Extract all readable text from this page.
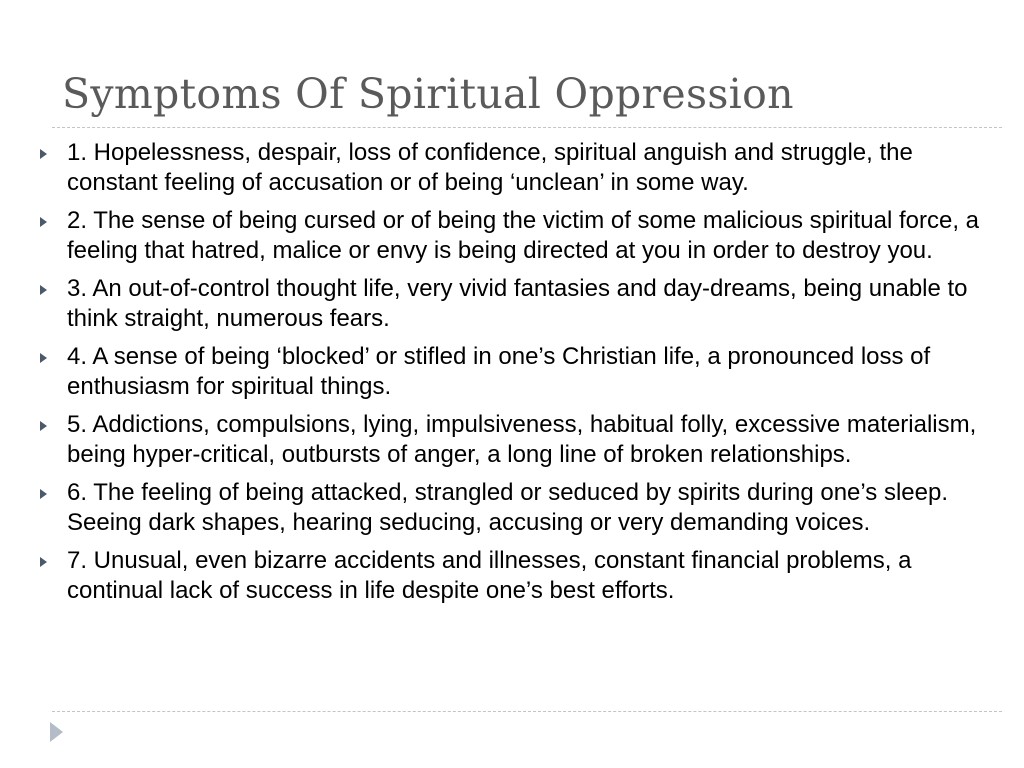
Symptoms Of Spiritual Oppression
1. Hopelessness, despair, loss of confidence, spiritual anguish and struggle, the constant feeling of accusation or of being ‘unclean’ in some way.
2. The sense of being cursed or of being the victim of some malicious spiritual force, a feeling that hatred, malice or envy is being directed at you in order to destroy you.
3. An out-of-control thought life, very vivid fantasies and day-dreams, being unable to think straight, numerous fears.
4. A sense of being ‘blocked’ or stifled in one’s Christian life, a pronounced loss of enthusiasm for spiritual things.
5. Addictions, compulsions, lying, impulsiveness, habitual folly, excessive materialism, being hyper-critical, outbursts of anger, a long line of broken relationships.
6. The feeling of being attacked, strangled or seduced by spirits during one’s sleep. Seeing dark shapes, hearing seducing, accusing or very demanding voices.
7. Unusual, even bizarre accidents and illnesses, constant financial problems, a continual lack of success in life despite one’s best efforts.
